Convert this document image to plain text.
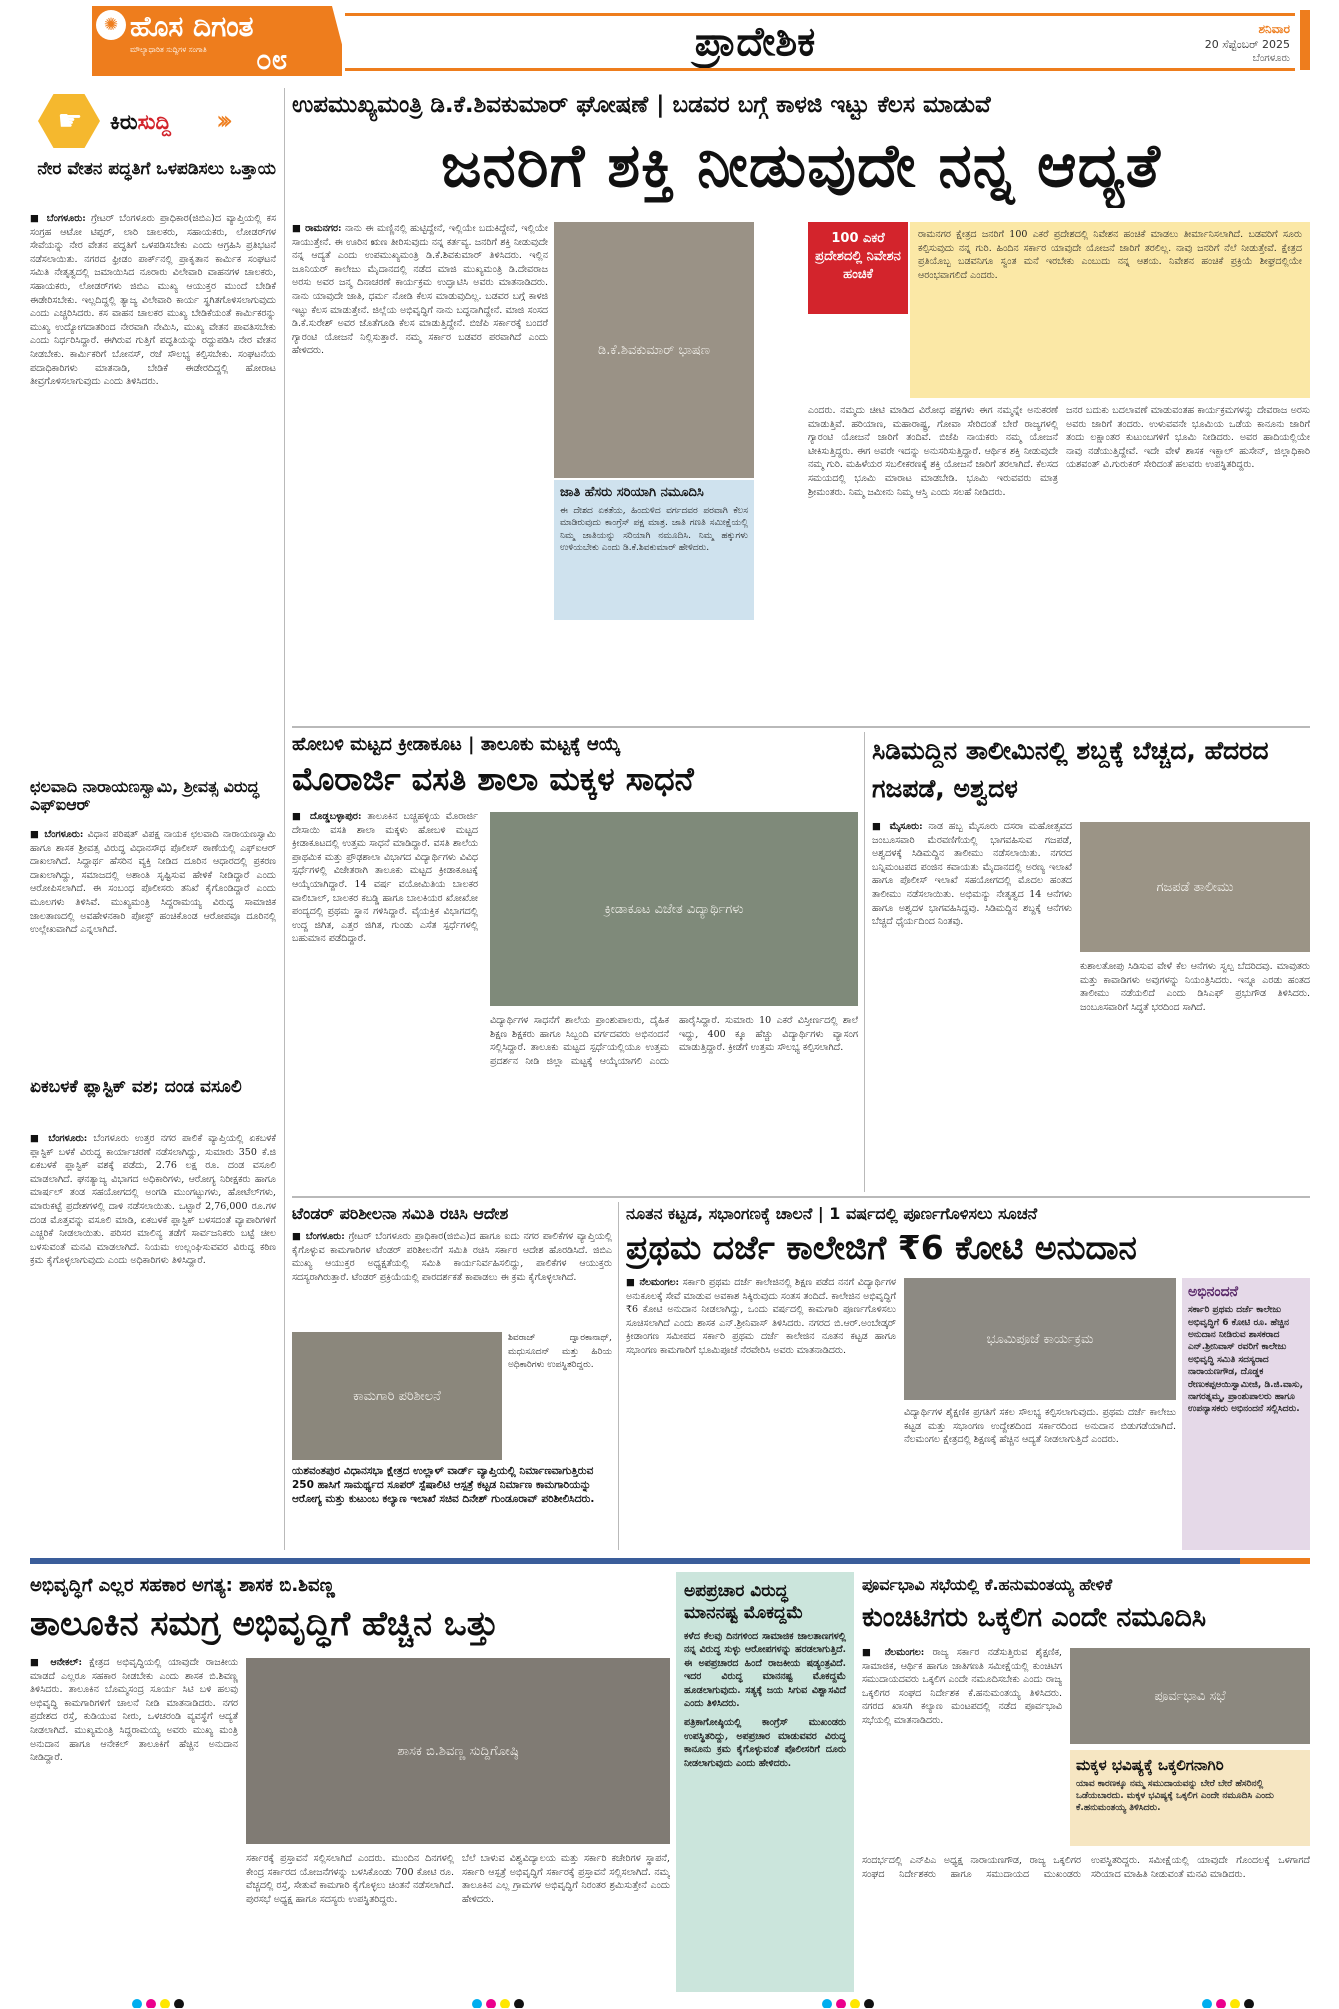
✺ ಹೊಸ ದಿಗಂತ
ಮೌಲ್ಯಾಧಾರಿತ ಸುದ್ದಿಗಳ ಸಂಗಾತಿ	೦೮	ಪ್ರಾದೇಶಿಕ	ಶನಿವಾರ
20 ಸೆಪ್ಟೆಂಬರ್ 2025
ಬೆಂಗಳೂರು
☛ ಕಿರುಸುದ್ದಿ	›››
ನೇರ ವೇತನ ಪದ್ಧತಿಗೆ ಒಳಪಡಿಸಲು ಒತ್ತಾಯ
■ ಬೆಂಗಳೂರು: ಗ್ರೇಟರ್ ಬೆಂಗಳೂರು ಪ್ರಾಧಿಕಾರ(ಜಿಬಿಎ)ದ ವ್ಯಾಪ್ತಿಯಲ್ಲಿ ಕಸ ಸಂಗ್ರಹ ಆಟೋ ಟಿಪ್ಪರ್, ಲಾರಿ ಚಾಲಕರು, ಸಹಾಯಕರು, ಲೋಡರ್‌ಗಳ ಸೇವೆಯನ್ನು ನೇರ ವೇತನ ಪದ್ಧತಿಗೆ ಒಳಪಡಿಸಬೇಕು ಎಂದು ಆಗ್ರಹಿಸಿ ಪ್ರತಿಭಟನೆ ನಡೆಸಲಾಯಿತು. ನಗರದ ಫ್ರೀಡಂ ಪಾರ್ಕ್‌ನಲ್ಲಿ ಪ್ರಾಕೃತಾನ ಕಾರ್ಮಿಕ ಸಂಘಟನೆ ಸಮಿತಿ ನೇತೃತ್ವದಲ್ಲಿ ಜಮಾಯಿಸಿದ ನೂರಾರು ವಿಲೇವಾರಿ ವಾಹನಗಳ ಚಾಲಕರು, ಸಹಾಯಕರು, ಲೋಡರ್‌ಗಳು ಜಿಬಿಎ ಮುಖ್ಯ ಆಯುಕ್ತರ ಮುಂದೆ ಬೇಡಿಕೆ ಈಡೇರಿಸಬೇಕು. ಇಲ್ಲದಿದ್ದಲ್ಲಿ ತ್ಯಾಜ್ಯ ವಿಲೇವಾರಿ ಕಾರ್ಯ ಸ್ಥಗಿತಗೊಳಿಸಲಾಗುವುದು ಎಂದು ಎಚ್ಚರಿಸಿದರು. ಕಸ ವಾಹನ ಚಾಲಕರ ಮುಖ್ಯ ಬೇಡಿಕೆಯಂತೆ ಕಾರ್ಮಿಕರನ್ನು ಮುಖ್ಯ ಉದ್ಯೋಗದಾತರಿಂದ ನೇರವಾಗಿ ನೇಮಿಸಿ, ಮುಖ್ಯ ವೇತನ ಪಾವತಿಸಬೇಕು ಎಂದು ನಿರ್ಧರಿಸಿದ್ದಾರೆ. ಈಗಿರುವ ಗುತ್ತಿಗೆ ಪದ್ಧತಿಯನ್ನು ರದ್ದುಪಡಿಸಿ ನೇರ ವೇತನ ನೀಡಬೇಕು. ಕಾರ್ಮಿಕರಿಗೆ ಬೋನಸ್, ರಜೆ ಸೌಲಭ್ಯ ಕಲ್ಪಿಸಬೇಕು. ಸಂಘಟನೆಯ ಪದಾಧಿಕಾರಿಗಳು ಮಾತನಾಡಿ, ಬೇಡಿಕೆ ಈಡೇರದಿದ್ದಲ್ಲಿ ಹೋರಾಟ ತೀವ್ರಗೊಳಿಸಲಾಗುವುದು ಎಂದು ತಿಳಿಸಿದರು.
ಛಲವಾದಿ ನಾರಾಯಣಸ್ವಾಮಿ, ಶ್ರೀವತ್ಸ ವಿರುದ್ಧ ಎಫ್‌ಐಆರ್
■ ಬೆಂಗಳೂರು: ವಿಧಾನ ಪರಿಷತ್ ವಿಪಕ್ಷ ನಾಯಕ ಛಲವಾದಿ ನಾರಾಯಣಸ್ವಾಮಿ ಹಾಗೂ ಶಾಸಕ ಶ್ರೀವತ್ಸ ವಿರುದ್ಧ ವಿಧಾನಸೌಧ ಪೊಲೀಸ್ ಠಾಣೆಯಲ್ಲಿ ಎಫ್‌ಐಆರ್ ದಾಖಲಾಗಿದೆ. ಸಿದ್ದಾರ್ಥ ಹೆಸರಿನ ವ್ಯಕ್ತಿ ನೀಡಿದ ದೂರಿನ ಆಧಾರದಲ್ಲಿ ಪ್ರಕರಣ ದಾಖಲಾಗಿದ್ದು, ಸಮಾಜದಲ್ಲಿ ಅಶಾಂತಿ ಸೃಷ್ಟಿಸುವ ಹೇಳಿಕೆ ನೀಡಿದ್ದಾರೆ ಎಂದು ಆರೋಪಿಸಲಾಗಿದೆ. ಈ ಸಂಬಂಧ ಪೊಲೀಸರು ತನಿಖೆ ಕೈಗೊಂಡಿದ್ದಾರೆ ಎಂದು ಮೂಲಗಳು ತಿಳಿಸಿವೆ. ಮುಖ್ಯಮಂತ್ರಿ ಸಿದ್ದರಾಮಯ್ಯ ವಿರುದ್ಧ ಸಾಮಾಜಿಕ ಜಾಲತಾಣದಲ್ಲಿ ಅವಹೇಳನಕಾರಿ ಪೋಸ್ಟ್ ಹಂಚಿಕೊಂಡ ಆರೋಪವೂ ದೂರಿನಲ್ಲಿ ಉಲ್ಲೇಖವಾಗಿದೆ ಎನ್ನಲಾಗಿದೆ.
ಏಕಬಳಕೆ ಪ್ಲಾಸ್ಟಿಕ್ ವಶ; ದಂಡ ವಸೂಲಿ
■ ಬೆಂಗಳೂರು: ಬೆಂಗಳೂರು ಉತ್ತರ ನಗರ ಪಾಲಿಕೆ ವ್ಯಾಪ್ತಿಯಲ್ಲಿ ಏಕಬಳಕೆ ಪ್ಲಾಸ್ಟಿಕ್ ಬಳಕೆ ವಿರುದ್ಧ ಕಾರ್ಯಾಚರಣೆ ನಡೆಸಲಾಗಿದ್ದು, ಸುಮಾರು 350 ಕೆ.ಜಿ ಏಕಬಳಕೆ ಪ್ಲಾಸ್ಟಿಕ್ ವಶಕ್ಕೆ ಪಡೆದು, 2.76 ಲಕ್ಷ ರೂ. ದಂಡ ವಸೂಲಿ ಮಾಡಲಾಗಿದೆ. ಘನತ್ಯಾಜ್ಯ ವಿಭಾಗದ ಅಧಿಕಾರಿಗಳು, ಆರೋಗ್ಯ ನಿರೀಕ್ಷಕರು ಹಾಗೂ ಮಾರ್ಷಲ್ ತಂಡ ಸಹಯೋಗದಲ್ಲಿ ಅಂಗಡಿ ಮುಂಗಟ್ಟುಗಳು, ಹೋಟೆಲ್‌ಗಳು, ಮಾರುಕಟ್ಟೆ ಪ್ರದೇಶಗಳಲ್ಲಿ ದಾಳಿ ನಡೆಸಲಾಯಿತು. ಒಟ್ಟಾರೆ 2,76,000 ರೂ.ಗಳ ದಂಡ ಮೊತ್ತವನ್ನು ವಸೂಲಿ ಮಾಡಿ, ಏಕಬಳಕೆ ಪ್ಲಾಸ್ಟಿಕ್ ಬಳಸದಂತೆ ವ್ಯಾಪಾರಿಗಳಿಗೆ ಎಚ್ಚರಿಕೆ ನೀಡಲಾಯಿತು. ಪರಿಸರ ಮಾಲಿನ್ಯ ತಡೆಗೆ ಸಾರ್ವಜನಿಕರು ಬಟ್ಟೆ ಚೀಲ ಬಳಸುವಂತೆ ಮನವಿ ಮಾಡಲಾಗಿದೆ. ನಿಯಮ ಉಲ್ಲಂಘಿಸುವವರ ವಿರುದ್ಧ ಕಠಿಣ ಕ್ರಮ ಕೈಗೊಳ್ಳಲಾಗುವುದು ಎಂದು ಅಧಿಕಾರಿಗಳು ತಿಳಿಸಿದ್ದಾರೆ.
ಉಪಮುಖ್ಯಮಂತ್ರಿ ಡಿ.ಕೆ.ಶಿವಕುಮಾರ್ ಘೋಷಣೆ | ಬಡವರ ಬಗ್ಗೆ ಕಾಳಜಿ ಇಟ್ಟು ಕೆಲಸ ಮಾಡುವೆ
ಜನರಿಗೆ ಶಕ್ತಿ ನೀಡುವುದೇ ನನ್ನ ಆದ್ಯತೆ
■ ರಾಮನಗರ: ನಾನು ಈ ಮಣ್ಣಿನಲ್ಲಿ ಹುಟ್ಟಿದ್ದೇನೆ, ಇಲ್ಲಿಯೇ ಬದುಕಿದ್ದೇನೆ, ಇಲ್ಲಿಯೇ ಸಾಯುತ್ತೇನೆ. ಈ ಊರಿನ ಋಣ ತೀರಿಸುವುದು ನನ್ನ ಕರ್ತವ್ಯ. ಜನರಿಗೆ ಶಕ್ತಿ ನೀಡುವುದೇ ನನ್ನ ಆದ್ಯತೆ ಎಂದು ಉಪಮುಖ್ಯಮಂತ್ರಿ ಡಿ.ಕೆ.ಶಿವಕುಮಾರ್ ತಿಳಿಸಿದರು. ಇಲ್ಲಿನ ಜೂನಿಯರ್ ಕಾಲೇಜು ಮೈದಾನದಲ್ಲಿ ನಡೆದ ಮಾಜಿ ಮುಖ್ಯಮಂತ್ರಿ ಡಿ.ದೇವರಾಜ ಅರಸು ಅವರ ಜನ್ಮ ದಿನಾಚರಣೆ ಕಾರ್ಯಕ್ರಮ ಉದ್ಘಾಟಿಸಿ ಅವರು ಮಾತನಾಡಿದರು. ನಾನು ಯಾವುದೇ ಜಾತಿ, ಧರ್ಮ ನೋಡಿ ಕೆಲಸ ಮಾಡುವುದಿಲ್ಲ. ಬಡವರ ಬಗ್ಗೆ ಕಾಳಜಿ ಇಟ್ಟು ಕೆಲಸ ಮಾಡುತ್ತೇನೆ. ಜಿಲ್ಲೆಯ ಅಭಿವೃದ್ಧಿಗೆ ನಾನು ಬದ್ಧನಾಗಿದ್ದೇನೆ. ಮಾಜಿ ಸಂಸದ ಡಿ.ಕೆ.ಸುರೇಶ್ ಅವರ ಜೊತೆಗೂಡಿ ಕೆಲಸ ಮಾಡುತ್ತಿದ್ದೇನೆ. ಬಿಜೆಪಿ ಸರ್ಕಾರಕ್ಕೆ ಬಂದರೆ ಗ್ಯಾರಂಟಿ ಯೋಜನೆ ನಿಲ್ಲಿಸುತ್ತಾರೆ. ನಮ್ಮ ಸರ್ಕಾರ ಬಡವರ ಪರವಾಗಿದೆ ಎಂದು ಹೇಳಿದರು.	ಡಿ.ಕೆ.ಶಿವಕುಮಾರ್ ಭಾಷಣ
ಜಾತಿ ಹೆಸರು ಸರಿಯಾಗಿ ನಮೂದಿಸಿ
ಈ ದೇಶದ ಏಕತೆಯ, ಹಿಂದುಳಿದ ವರ್ಗದವರ ಪರವಾಗಿ ಕೆಲಸ ಮಾಡಿರುವುದು ಕಾಂಗ್ರೆಸ್ ಪಕ್ಷ ಮಾತ್ರ. ಜಾತಿ ಗಣತಿ ಸಮೀಕ್ಷೆಯಲ್ಲಿ ನಿಮ್ಮ ಜಾತಿಯನ್ನು ಸರಿಯಾಗಿ ನಮೂದಿಸಿ. ನಿಮ್ಮ ಹಕ್ಕುಗಳು ಉಳಿಯಬೇಕು ಎಂದು ಡಿ.ಕೆ.ಶಿವಕುಮಾರ್ ಹೇಳಿದರು.
100 ಎಕರೆ ಪ್ರದೇಶದಲ್ಲಿ ನಿವೇಶನ ಹಂಚಿಕೆ
ರಾಮನಗರ ಕ್ಷೇತ್ರದ ಜನರಿಗೆ 100 ಎಕರೆ ಪ್ರದೇಶದಲ್ಲಿ ನಿವೇಶನ ಹಂಚಿಕೆ ಮಾಡಲು ತೀರ್ಮಾನಿಸಲಾಗಿದೆ. ಬಡವರಿಗೆ ಸೂರು ಕಲ್ಪಿಸುವುದು ನನ್ನ ಗುರಿ. ಹಿಂದಿನ ಸರ್ಕಾರ ಯಾವುದೇ ಯೋಜನೆ ಜಾರಿಗೆ ತರಲಿಲ್ಲ. ನಾವು ಜನರಿಗೆ ನೆಲೆ ನೀಡುತ್ತೇವೆ. ಕ್ಷೇತ್ರದ ಪ್ರತಿಯೊಬ್ಬ ಬಡವನಿಗೂ ಸ್ವಂತ ಮನೆ ಇರಬೇಕು ಎಂಬುದು ನನ್ನ ಆಶಯ. ನಿವೇಶನ ಹಂಚಿಕೆ ಪ್ರಕ್ರಿಯೆ ಶೀಘ್ರದಲ್ಲಿಯೇ ಆರಂಭವಾಗಲಿದೆ ಎಂದರು.
ಎಂದರು. ನಮ್ಮದು ಚೀಟಿ ಮಾಡಿದ ವಿರೋಧ ಪಕ್ಷಗಳು ಈಗ ನಮ್ಮನ್ನೇ ಅನುಕರಣೆ ಮಾಡುತ್ತಿವೆ. ಹರಿಯಾಣ, ಮಹಾರಾಷ್ಟ್ರ, ಗೋವಾ ಸೇರಿದಂತೆ ಬೇರೆ ರಾಜ್ಯಗಳಲ್ಲಿ ಗ್ಯಾರಂಟಿ ಯೋಜನೆ ಜಾರಿಗೆ ತಂದಿವೆ. ಬಿಜೆಪಿ ನಾಯಕರು ನಮ್ಮ ಯೋಜನೆ ಟೀಕಿಸುತ್ತಿದ್ದರು. ಈಗ ಅವರೇ ಇದನ್ನು ಅನುಸರಿಸುತ್ತಿದ್ದಾರೆ. ಆರ್ಥಿಕ ಶಕ್ತಿ ನೀಡುವುದೇ ನಮ್ಮ ಗುರಿ. ಮಹಿಳೆಯರ ಸಬಲೀಕರಣಕ್ಕೆ ಶಕ್ತಿ ಯೋಜನೆ ಜಾರಿಗೆ ತರಲಾಗಿದೆ. ಕೆಲಸದ ಸಮಯದಲ್ಲಿ ಭೂಮಿ ಮಾರಾಟ ಮಾಡಬೇಡಿ. ಭೂಮಿ ಇರುವವರು ಮಾತ್ರ ಶ್ರೀಮಂತರು. ನಿಮ್ಮ ಜಮೀನು ನಿಮ್ಮ ಆಸ್ತಿ ಎಂದು ಸಲಹೆ ನೀಡಿದರು.
ಜನರ ಬದುಕು ಬದಲಾವಣೆ ಮಾಡುವಂತಹ ಕಾರ್ಯಕ್ರಮಗಳನ್ನು ದೇವರಾಜ ಅರಸು ಅವರು ಜಾರಿಗೆ ತಂದರು. ಉಳುವವನೇ ಭೂಮಿಯ ಒಡೆಯ ಕಾನೂನು ಜಾರಿಗೆ ತಂದು ಲಕ್ಷಾಂತರ ಕುಟುಂಬಗಳಿಗೆ ಭೂಮಿ ನೀಡಿದರು. ಅವರ ಹಾದಿಯಲ್ಲಿಯೇ ನಾವು ನಡೆಯುತ್ತಿದ್ದೇವೆ. ಇದೇ ವೇಳೆ ಶಾಸಕ ಇಕ್ಬಾಲ್ ಹುಸೇನ್, ಜಿಲ್ಲಾಧಿಕಾರಿ ಯಶವಂತ್ ವಿ.ಗುರುಕರ್ ಸೇರಿದಂತೆ ಹಲವರು ಉಪಸ್ಥಿತರಿದ್ದರು.
ಹೋಬಳಿ ಮಟ್ಟದ ಕ್ರೀಡಾಕೂಟ | ತಾಲೂಕು ಮಟ್ಟಕ್ಕೆ ಆಯ್ಕೆ
ಮೊರಾರ್ಜಿ ವಸತಿ ಶಾಲಾ ಮಕ್ಕಳ ಸಾಧನೆ
■ ದೊಡ್ಡಬಳ್ಳಾಪುರ: ತಾಲೂಕಿನ ಬಚ್ಚಹಳ್ಳಿಯ ಮೊರಾರ್ಜಿ ದೇಸಾಯಿ ವಸತಿ ಶಾಲಾ ಮಕ್ಕಳು ಹೋಬಳಿ ಮಟ್ಟದ ಕ್ರೀಡಾಕೂಟದಲ್ಲಿ ಉತ್ತಮ ಸಾಧನೆ ಮಾಡಿದ್ದಾರೆ. ವಸತಿ ಶಾಲೆಯ ಪ್ರಾಥಮಿಕ ಮತ್ತು ಪ್ರೌಢಶಾಲಾ ವಿಭಾಗದ ವಿದ್ಯಾರ್ಥಿಗಳು ವಿವಿಧ ಸ್ಪರ್ಧೆಗಳಲ್ಲಿ ವಿಜೇತರಾಗಿ ತಾಲೂಕು ಮಟ್ಟದ ಕ್ರೀಡಾಕೂಟಕ್ಕೆ ಆಯ್ಕೆಯಾಗಿದ್ದಾರೆ. 14 ವರ್ಷ ವಯೋಮಿತಿಯ ಬಾಲಕರ ವಾಲಿಬಾಲ್, ಬಾಲಕರ ಕಬಡ್ಡಿ ಹಾಗೂ ಬಾಲಕಿಯರ ಖೋಖೋ ಪಂದ್ಯದಲ್ಲಿ ಪ್ರಥಮ ಸ್ಥಾನ ಗಳಿಸಿದ್ದಾರೆ. ವೈಯಕ್ತಿಕ ವಿಭಾಗದಲ್ಲಿ ಉದ್ದ ಜಿಗಿತ, ಎತ್ತರ ಜಿಗಿತ, ಗುಂಡು ಎಸೆತ ಸ್ಪರ್ಧೆಗಳಲ್ಲಿ ಬಹುಮಾನ ಪಡೆದಿದ್ದಾರೆ.
ಕ್ರೀಡಾಕೂಟ ವಿಜೇತ ವಿದ್ಯಾರ್ಥಿಗಳು
ವಿದ್ಯಾರ್ಥಿಗಳ ಸಾಧನೆಗೆ ಶಾಲೆಯ ಪ್ರಾಂಶುಪಾಲರು, ದೈಹಿಕ ಶಿಕ್ಷಣ ಶಿಕ್ಷಕರು ಹಾಗೂ ಸಿಬ್ಬಂದಿ ವರ್ಗದವರು ಅಭಿನಂದನೆ ಸಲ್ಲಿಸಿದ್ದಾರೆ. ತಾಲೂಕು ಮಟ್ಟದ ಸ್ಪರ್ಧೆಯಲ್ಲಿಯೂ ಉತ್ತಮ ಪ್ರದರ್ಶನ ನೀಡಿ ಜಿಲ್ಲಾ ಮಟ್ಟಕ್ಕೆ ಆಯ್ಕೆಯಾಗಲಿ ಎಂದು ಹಾರೈಸಿದ್ದಾರೆ. ಸುಮಾರು 10 ಎಕರೆ ವಿಸ್ತೀರ್ಣದಲ್ಲಿ ಶಾಲೆ ಇದ್ದು, 400 ಕ್ಕೂ ಹೆಚ್ಚು ವಿದ್ಯಾರ್ಥಿಗಳು ವ್ಯಾಸಂಗ ಮಾಡುತ್ತಿದ್ದಾರೆ. ಕ್ರೀಡೆಗೆ ಉತ್ತಮ ಸೌಲಭ್ಯ ಕಲ್ಪಿಸಲಾಗಿದೆ.
ಸಿಡಿಮದ್ದಿನ ತಾಲೀಮಿನಲ್ಲಿ ಶಬ್ದಕ್ಕೆ ಬೆಚ್ಚದ, ಹೆದರದ ಗಜಪಡೆ, ಅಶ್ವದಳ
■ ಮೈಸೂರು: ನಾಡ ಹಬ್ಬ ಮೈಸೂರು ದಸರಾ ಮಹೋತ್ಸವದ ಜಂಬೂಸವಾರಿ ಮೆರವಣಿಗೆಯಲ್ಲಿ ಭಾಗವಹಿಸುವ ಗಜಪಡೆ, ಅಶ್ವದಳಕ್ಕೆ ಸಿಡಿಮದ್ದಿನ ತಾಲೀಮು ನಡೆಸಲಾಯಿತು. ನಗರದ ಬನ್ನಿಮಂಟಪದ ಪಂಜಿನ ಕವಾಯತು ಮೈದಾನದಲ್ಲಿ ಅರಣ್ಯ ಇಲಾಖೆ ಹಾಗೂ ಪೊಲೀಸ್ ಇಲಾಖೆ ಸಹಯೋಗದಲ್ಲಿ ಮೊದಲ ಹಂತದ ತಾಲೀಮು ನಡೆಸಲಾಯಿತು. ಅಭಿಮನ್ಯು ನೇತೃತ್ವದ 14 ಆನೆಗಳು ಹಾಗೂ ಅಶ್ವದಳ ಭಾಗವಹಿಸಿದ್ದವು. ಸಿಡಿಮದ್ದಿನ ಶಬ್ದಕ್ಕೆ ಆನೆಗಳು ಬೆಚ್ಚದೆ ಧೈರ್ಯದಿಂದ ನಿಂತವು.
ಗಜಪಡೆ ತಾಲೀಮು
ಕುಶಾಲತೋಪು ಸಿಡಿಸುವ ವೇಳೆ ಕೆಲ ಆನೆಗಳು ಸ್ವಲ್ಪ ಬೆದರಿದವು. ಮಾವುತರು ಮತ್ತು ಕಾವಾಡಿಗಳು ಅವುಗಳನ್ನು ನಿಯಂತ್ರಿಸಿದರು. ಇನ್ನೂ ಎರಡು ಹಂತದ ತಾಲೀಮು ನಡೆಯಲಿದೆ ಎಂದು ಡಿಸಿಎಫ್ ಪ್ರಭುಗೌಡ ತಿಳಿಸಿದರು. ಜಂಬೂಸವಾರಿಗೆ ಸಿದ್ಧತೆ ಭರದಿಂದ ಸಾಗಿದೆ.
ಟೆಂಡರ್ ಪರಿಶೀಲನಾ ಸಮಿತಿ ರಚಿಸಿ ಆದೇಶ
■ ಬೆಂಗಳೂರು: ಗ್ರೇಟರ್ ಬೆಂಗಳೂರು ಪ್ರಾಧಿಕಾರ(ಜಿಬಿಎ)ದ ಹಾಗೂ ಐದು ನಗರ ಪಾಲಿಕೆಗಳ ವ್ಯಾಪ್ತಿಯಲ್ಲಿ ಕೈಗೊಳ್ಳುವ ಕಾಮಗಾರಿಗಳ ಟೆಂಡರ್ ಪರಿಶೀಲನೆಗೆ ಸಮಿತಿ ರಚಿಸಿ ಸರ್ಕಾರ ಆದೇಶ ಹೊರಡಿಸಿದೆ. ಜಿಬಿಎ ಮುಖ್ಯ ಆಯುಕ್ತರ ಅಧ್ಯಕ್ಷತೆಯಲ್ಲಿ ಸಮಿತಿ ಕಾರ್ಯನಿರ್ವಹಿಸಲಿದ್ದು, ಪಾಲಿಕೆಗಳ ಆಯುಕ್ತರು ಸದಸ್ಯರಾಗಿರುತ್ತಾರೆ. ಟೆಂಡರ್ ಪ್ರಕ್ರಿಯೆಯಲ್ಲಿ ಪಾರದರ್ಶಕತೆ ಕಾಪಾಡಲು ಈ ಕ್ರಮ ಕೈಗೊಳ್ಳಲಾಗಿದೆ.
ಕಾಮಗಾರಿ ಪರಿಶೀಲನೆ
ಶಿವರಾಜ್ ದ್ವಾರಕಾನಾಥ್, ಮಧುಸೂದನ್ ಮತ್ತು ಹಿರಿಯ ಅಧಿಕಾರಿಗಳು ಉಪಸ್ಥಿತರಿದ್ದರು.
ಯಶವಂತಪುರ ವಿಧಾನಸಭಾ ಕ್ಷೇತ್ರದ ಉಲ್ಲಾಳ್ ವಾರ್ಡ್ ವ್ಯಾಪ್ತಿಯಲ್ಲಿ ನಿರ್ಮಾಣವಾಗುತ್ತಿರುವ 250 ಹಾಸಿಗೆ ಸಾಮರ್ಥ್ಯದ ಸೂಪರ್ ಸ್ಪೆಷಾಲಿಟಿ ಆಸ್ಪತ್ರೆ ಕಟ್ಟಡ ನಿರ್ಮಾಣ ಕಾಮಗಾರಿಯನ್ನು ಆರೋಗ್ಯ ಮತ್ತು ಕುಟುಂಬ ಕಲ್ಯಾಣ ಇಲಾಖೆ ಸಚಿವ ದಿನೇಶ್ ಗುಂಡೂರಾವ್ ಪರಿಶೀಲಿಸಿದರು.
ನೂತನ ಕಟ್ಟಡ, ಸಭಾಂಗಣಕ್ಕೆ ಚಾಲನೆ | 1 ವರ್ಷದಲ್ಲಿ ಪೂರ್ಣಗೊಳಿಸಲು ಸೂಚನೆ
ಪ್ರಥಮ ದರ್ಜೆ ಕಾಲೇಜಿಗೆ ₹6 ಕೋಟಿ ಅನುದಾನ
■ ನೆಲಮಂಗಲ: ಸರ್ಕಾರಿ ಪ್ರಥಮ ದರ್ಜೆ ಕಾಲೇಜಿನಲ್ಲಿ ಶಿಕ್ಷಣ ಪಡೆದ ನನಗೆ ವಿದ್ಯಾರ್ಥಿಗಳ ಅನುಕೂಲಕ್ಕೆ ಸೇವೆ ಮಾಡುವ ಅವಕಾಶ ಸಿಕ್ಕಿರುವುದು ಸಂತಸ ತಂದಿದೆ. ಕಾಲೇಜಿನ ಅಭಿವೃದ್ಧಿಗೆ ₹6 ಕೋಟಿ ಅನುದಾನ ನೀಡಲಾಗಿದ್ದು, ಒಂದು ವರ್ಷದಲ್ಲಿ ಕಾಮಗಾರಿ ಪೂರ್ಣಗೊಳಿಸಲು ಸೂಚಿಸಲಾಗಿದೆ ಎಂದು ಶಾಸಕ ಎನ್.ಶ್ರೀನಿವಾಸ್ ತಿಳಿಸಿದರು. ನಗರದ ಬಿ.ಆರ್.ಅಂಬೇಡ್ಕರ್ ಕ್ರೀಡಾಂಗಣ ಸಮೀಪದ ಸರ್ಕಾರಿ ಪ್ರಥಮ ದರ್ಜೆ ಕಾಲೇಜಿನ ನೂತನ ಕಟ್ಟಡ ಹಾಗೂ ಸಭಾಂಗಣ ಕಾಮಗಾರಿಗೆ ಭೂಮಿಪೂಜೆ ನೆರವೇರಿಸಿ ಅವರು ಮಾತನಾಡಿದರು.
ಭೂಮಿಪೂಜೆ ಕಾರ್ಯಕ್ರಮ
ವಿದ್ಯಾರ್ಥಿಗಳ ಶೈಕ್ಷಣಿಕ ಪ್ರಗತಿಗೆ ಸಕಲ ಸೌಲಭ್ಯ ಕಲ್ಪಿಸಲಾಗುವುದು. ಪ್ರಥಮ ದರ್ಜೆ ಕಾಲೇಜು ಕಟ್ಟಡ ಮತ್ತು ಸಭಾಂಗಣ ಉದ್ದೇಶದಿಂದ ಸರ್ಕಾರದಿಂದ ಅನುದಾನ ಬಿಡುಗಡೆಯಾಗಿದೆ. ನೆಲಮಂಗಲ ಕ್ಷೇತ್ರದಲ್ಲಿ ಶಿಕ್ಷಣಕ್ಕೆ ಹೆಚ್ಚಿನ ಆದ್ಯತೆ ನೀಡಲಾಗುತ್ತಿದೆ ಎಂದರು.
ಅಭಿನಂದನೆ
ಸರ್ಕಾರಿ ಪ್ರಥಮ ದರ್ಜೆ ಕಾಲೇಜು ಅಭಿವೃದ್ಧಿಗೆ 6 ಕೋಟಿ ರೂ. ಹೆಚ್ಚಿನ ಅನುದಾನ ನೀಡಿರುವ ಶಾಸಕರಾದ ಎನ್.ಶ್ರೀನಿವಾಸ್ ರವರಿಗೆ ಕಾಲೇಜು ಅಭಿವೃದ್ಧಿ ಸಮಿತಿ ಸದಸ್ಯರಾದ ನಾರಾಯಣಗೌಡ, ದೊಡ್ಡಕ ರೇಣುಕಪ್ಪಆಯಿಸ್ವಾಮೀಜಿ, ಡಿ.ಜಿ.ವಾಸು, ನಾಗರತ್ನಮ್ಮ, ಪ್ರಾಂಶುಪಾಲರು ಹಾಗೂ ಉಪನ್ಯಾಸಕರು ಅಭಿನಂದನೆ ಸಲ್ಲಿಸಿದರು.
ಅಭಿವೃದ್ಧಿಗೆ ಎಲ್ಲರ ಸಹಕಾರ ಅಗತ್ಯ: ಶಾಸಕ ಬಿ.ಶಿವಣ್ಣ
ತಾಲೂಕಿನ ಸಮಗ್ರ ಅಭಿವೃದ್ಧಿಗೆ ಹೆಚ್ಚಿನ ಒತ್ತು
■ ಆನೇಕಲ್: ಕ್ಷೇತ್ರದ ಅಭಿವೃದ್ಧಿಯಲ್ಲಿ ಯಾವುದೇ ರಾಜಕೀಯ ಮಾಡದೆ ಎಲ್ಲರೂ ಸಹಕಾರ ನೀಡಬೇಕು ಎಂದು ಶಾಸಕ ಬಿ.ಶಿವಣ್ಣ ತಿಳಿಸಿದರು. ತಾಲೂಕಿನ ಬೊಮ್ಮಸಂದ್ರ ಸೂರ್ಯ ಸಿಟಿ ಬಳಿ ಹಲವು ಅಭಿವೃದ್ಧಿ ಕಾಮಗಾರಿಗಳಿಗೆ ಚಾಲನೆ ನೀಡಿ ಮಾತನಾಡಿದರು. ನಗರ ಪ್ರದೇಶದ ರಸ್ತೆ, ಕುಡಿಯುವ ನೀರು, ಒಳಚರಂಡಿ ವ್ಯವಸ್ಥೆಗೆ ಆದ್ಯತೆ ನೀಡಲಾಗಿದೆ. ಮುಖ್ಯಮಂತ್ರಿ ಸಿದ್ದರಾಮಯ್ಯ ಅವರು ಮುಖ್ಯ ಮಂತ್ರಿ ಅನುದಾನ ಹಾಗೂ ಆನೇಕಲ್ ತಾಲೂಕಿಗೆ ಹೆಚ್ಚಿನ ಅನುದಾನ ನೀಡಿದ್ದಾರೆ.	ಶಾಸಕ ಬಿ.ಶಿವಣ್ಣ ಸುದ್ದಿಗೋಷ್ಠಿ
ಸರ್ಕಾರಕ್ಕೆ ಪ್ರಸ್ತಾವನೆ ಸಲ್ಲಿಸಲಾಗಿದೆ ಎಂದರು. ಮುಂದಿನ ದಿನಗಳಲ್ಲಿ ಕೇಂದ್ರ ಸರ್ಕಾರದ ಯೋಜನೆಗಳನ್ನು ಬಳಸಿಕೊಂಡು 700 ಕೋಟಿ ರೂ. ವೆಚ್ಚದಲ್ಲಿ ರಸ್ತೆ, ಸೇತುವೆ ಕಾಮಗಾರಿ ಕೈಗೊಳ್ಳಲು ಚಿಂತನೆ ನಡೆಸಲಾಗಿದೆ. ಪುರಸಭೆ ಅಧ್ಯಕ್ಷ ಹಾಗೂ ಸದಸ್ಯರು ಉಪಸ್ಥಿತರಿದ್ದರು.
ಬೆಲೆ ಬಾಳುವ ವಿಶ್ವವಿದ್ಯಾಲಯ ಮತ್ತು ಸರ್ಕಾರಿ ಕಚೇರಿಗಳ ಸ್ಥಾಪನೆ, ಸರ್ಕಾರಿ ಆಸ್ಪತ್ರೆ ಅಭಿವೃದ್ಧಿಗೆ ಸರ್ಕಾರಕ್ಕೆ ಪ್ರಸ್ತಾವನೆ ಸಲ್ಲಿಸಲಾಗಿದೆ. ನಮ್ಮ ತಾಲೂಕಿನ ಎಲ್ಲ ಗ್ರಾಮಗಳ ಅಭಿವೃದ್ಧಿಗೆ ನಿರಂತರ ಶ್ರಮಿಸುತ್ತೇನೆ ಎಂದು ಹೇಳಿದರು.
ಅಪಪ್ರಚಾರ ವಿರುದ್ಧ ಮಾನನಷ್ಟ ಮೊಕದ್ದಮೆ
ಕಳೆದ ಕೆಲವು ದಿನಗಳಿಂದ ಸಾಮಾಜಿಕ ಜಾಲತಾಣಗಳಲ್ಲಿ ನನ್ನ ವಿರುದ್ಧ ಸುಳ್ಳು ಆರೋಪಗಳನ್ನು ಹರಡಲಾಗುತ್ತಿದೆ. ಈ ಅಪಪ್ರಚಾರದ ಹಿಂದೆ ರಾಜಕೀಯ ಷಡ್ಯಂತ್ರವಿದೆ. ಇದರ ವಿರುದ್ಧ ಮಾನನಷ್ಟ ಮೊಕದ್ದಮೆ ಹೂಡಲಾಗುವುದು. ಸತ್ಯಕ್ಕೆ ಜಯ ಸಿಗುವ ವಿಶ್ವಾಸವಿದೆ ಎಂದು ತಿಳಿಸಿದರು.
ಪತ್ರಿಕಾಗೋಷ್ಠಿಯಲ್ಲಿ ಕಾಂಗ್ರೆಸ್ ಮುಖಂಡರು ಉಪಸ್ಥಿತರಿದ್ದು, ಅಪಪ್ರಚಾರ ಮಾಡುವವರ ವಿರುದ್ಧ ಕಾನೂನು ಕ್ರಮ ಕೈಗೊಳ್ಳುವಂತೆ ಪೊಲೀಸರಿಗೆ ದೂರು ನೀಡಲಾಗುವುದು ಎಂದು ಹೇಳಿದರು.
ಪೂರ್ವಭಾವಿ ಸಭೆಯಲ್ಲಿ ಕೆ.ಹನುಮಂತಯ್ಯ ಹೇಳಿಕೆ
ಕುಂಚಿಟಿಗರು ಒಕ್ಕಲಿಗ ಎಂದೇ ನಮೂದಿಸಿ
■ ನೆಲಮಂಗಲ: ರಾಜ್ಯ ಸರ್ಕಾರ ನಡೆಸುತ್ತಿರುವ ಶೈಕ್ಷಣಿಕ, ಸಾಮಾಜಿಕ, ಆರ್ಥಿಕ ಹಾಗೂ ಜಾತಿಗಣತಿ ಸಮೀಕ್ಷೆಯಲ್ಲಿ ಕುಂಚಿಟಿಗ ಸಮುದಾಯದವರು ಒಕ್ಕಲಿಗ ಎಂದೇ ನಮೂದಿಸಬೇಕು ಎಂದು ರಾಜ್ಯ ಒಕ್ಕಲಿಗರ ಸಂಘದ ನಿರ್ದೇಶಕ ಕೆ.ಹನುಮಂತಯ್ಯ ತಿಳಿಸಿದರು. ನಗರದ ಖಾಸಗಿ ಕಲ್ಯಾಣ ಮಂಟಪದಲ್ಲಿ ನಡೆದ ಪೂರ್ವಭಾವಿ ಸಭೆಯಲ್ಲಿ ಮಾತನಾಡಿದರು.
ಪೂರ್ವಭಾವಿ ಸಭೆ
ಮಕ್ಕಳ ಭವಿಷ್ಯಕ್ಕೆ ಒಕ್ಕಲಿಗನಾಗಿರಿ
ಯಾವ ಕಾರಣಕ್ಕೂ ನಮ್ಮ ಸಮುದಾಯವನ್ನು ಬೇರೆ ಬೇರೆ ಹೆಸರಿನಲ್ಲಿ ಒಡೆಯಬಾರದು. ಮಕ್ಕಳ ಭವಿಷ್ಯಕ್ಕೆ ಒಕ್ಕಲಿಗ ಎಂದೇ ನಮೂದಿಸಿ ಎಂದು ಕೆ.ಹನುಮಂತಯ್ಯ ತಿಳಿಸಿದರು.
ಸಂದರ್ಭದಲ್ಲಿ ಎನ್‌ಪಿಎ ಅಧ್ಯಕ್ಷ ನಾರಾಯಣಗೌಡ, ರಾಜ್ಯ ಒಕ್ಕಲಿಗರ ಸಂಘದ ನಿರ್ದೇಶಕರು ಹಾಗೂ ಸಮುದಾಯದ ಮುಖಂಡರು ಉಪಸ್ಥಿತರಿದ್ದರು. ಸಮೀಕ್ಷೆಯಲ್ಲಿ ಯಾವುದೇ ಗೊಂದಲಕ್ಕೆ ಒಳಗಾಗದೆ ಸರಿಯಾದ ಮಾಹಿತಿ ನೀಡುವಂತೆ ಮನವಿ ಮಾಡಿದರು.
